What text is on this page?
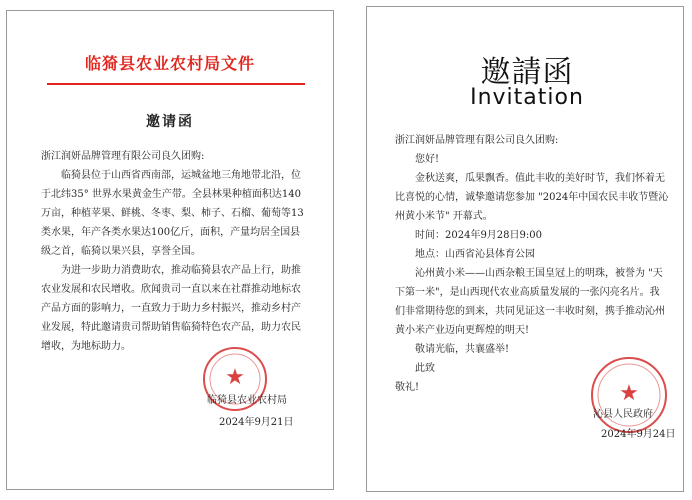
临猗县农业农村局文件
邀请函
浙江润妍品牌管理有限公司良久团购:
临猗县位于山西省西南部，运城盆地三角地带北沿，位
于北纬35° 世界水果黄金生产带。全县林果种植面积达140
万亩，种植苹果、鲜桃、冬枣、梨、柿子、石榴、葡萄等13
类水果，年产各类水果达100亿斤，面积，产量均居全国县
级之首，临猗以果兴县，享誉全国。
为进一步助力消费助农，推动临猗县农产品上行，助推
农业发展和农民增收。欣闻贵司一直以来在社群推动地标农
产品方面的影响力，一直致力于助力乡村振兴，推动乡村产
业发展，特此邀请贵司帮助销售临猗特色农产品，助力农民
增收，为地标助力。
★
临猗县农业农村局
2024年9月21日
邀請函
Invitation
浙江润妍品牌管理有限公司良久团购:
您好!
金秋送爽，瓜果飘香。值此丰收的美好时节，我们怀着无
比喜悦的心情，诚挚邀请您参加 "2024年中国农民丰收节暨沁
州黄小米节" 开幕式。
时间：2024年9月28日9:00
地点：山西省沁县体育公园
沁州黄小米——山西杂粮王国皇冠上的明珠，被誉为 "天
下第一米"，是山西现代农业高质量发展的一张闪亮名片。我
们非常期待您的到来，共同见证这一丰收时刻，携手推动沁州
黄小米产业迈向更辉煌的明天!
敬请光临，共襄盛举!
此致
敬礼!	★
沁县人民政府
2024年9月24日
